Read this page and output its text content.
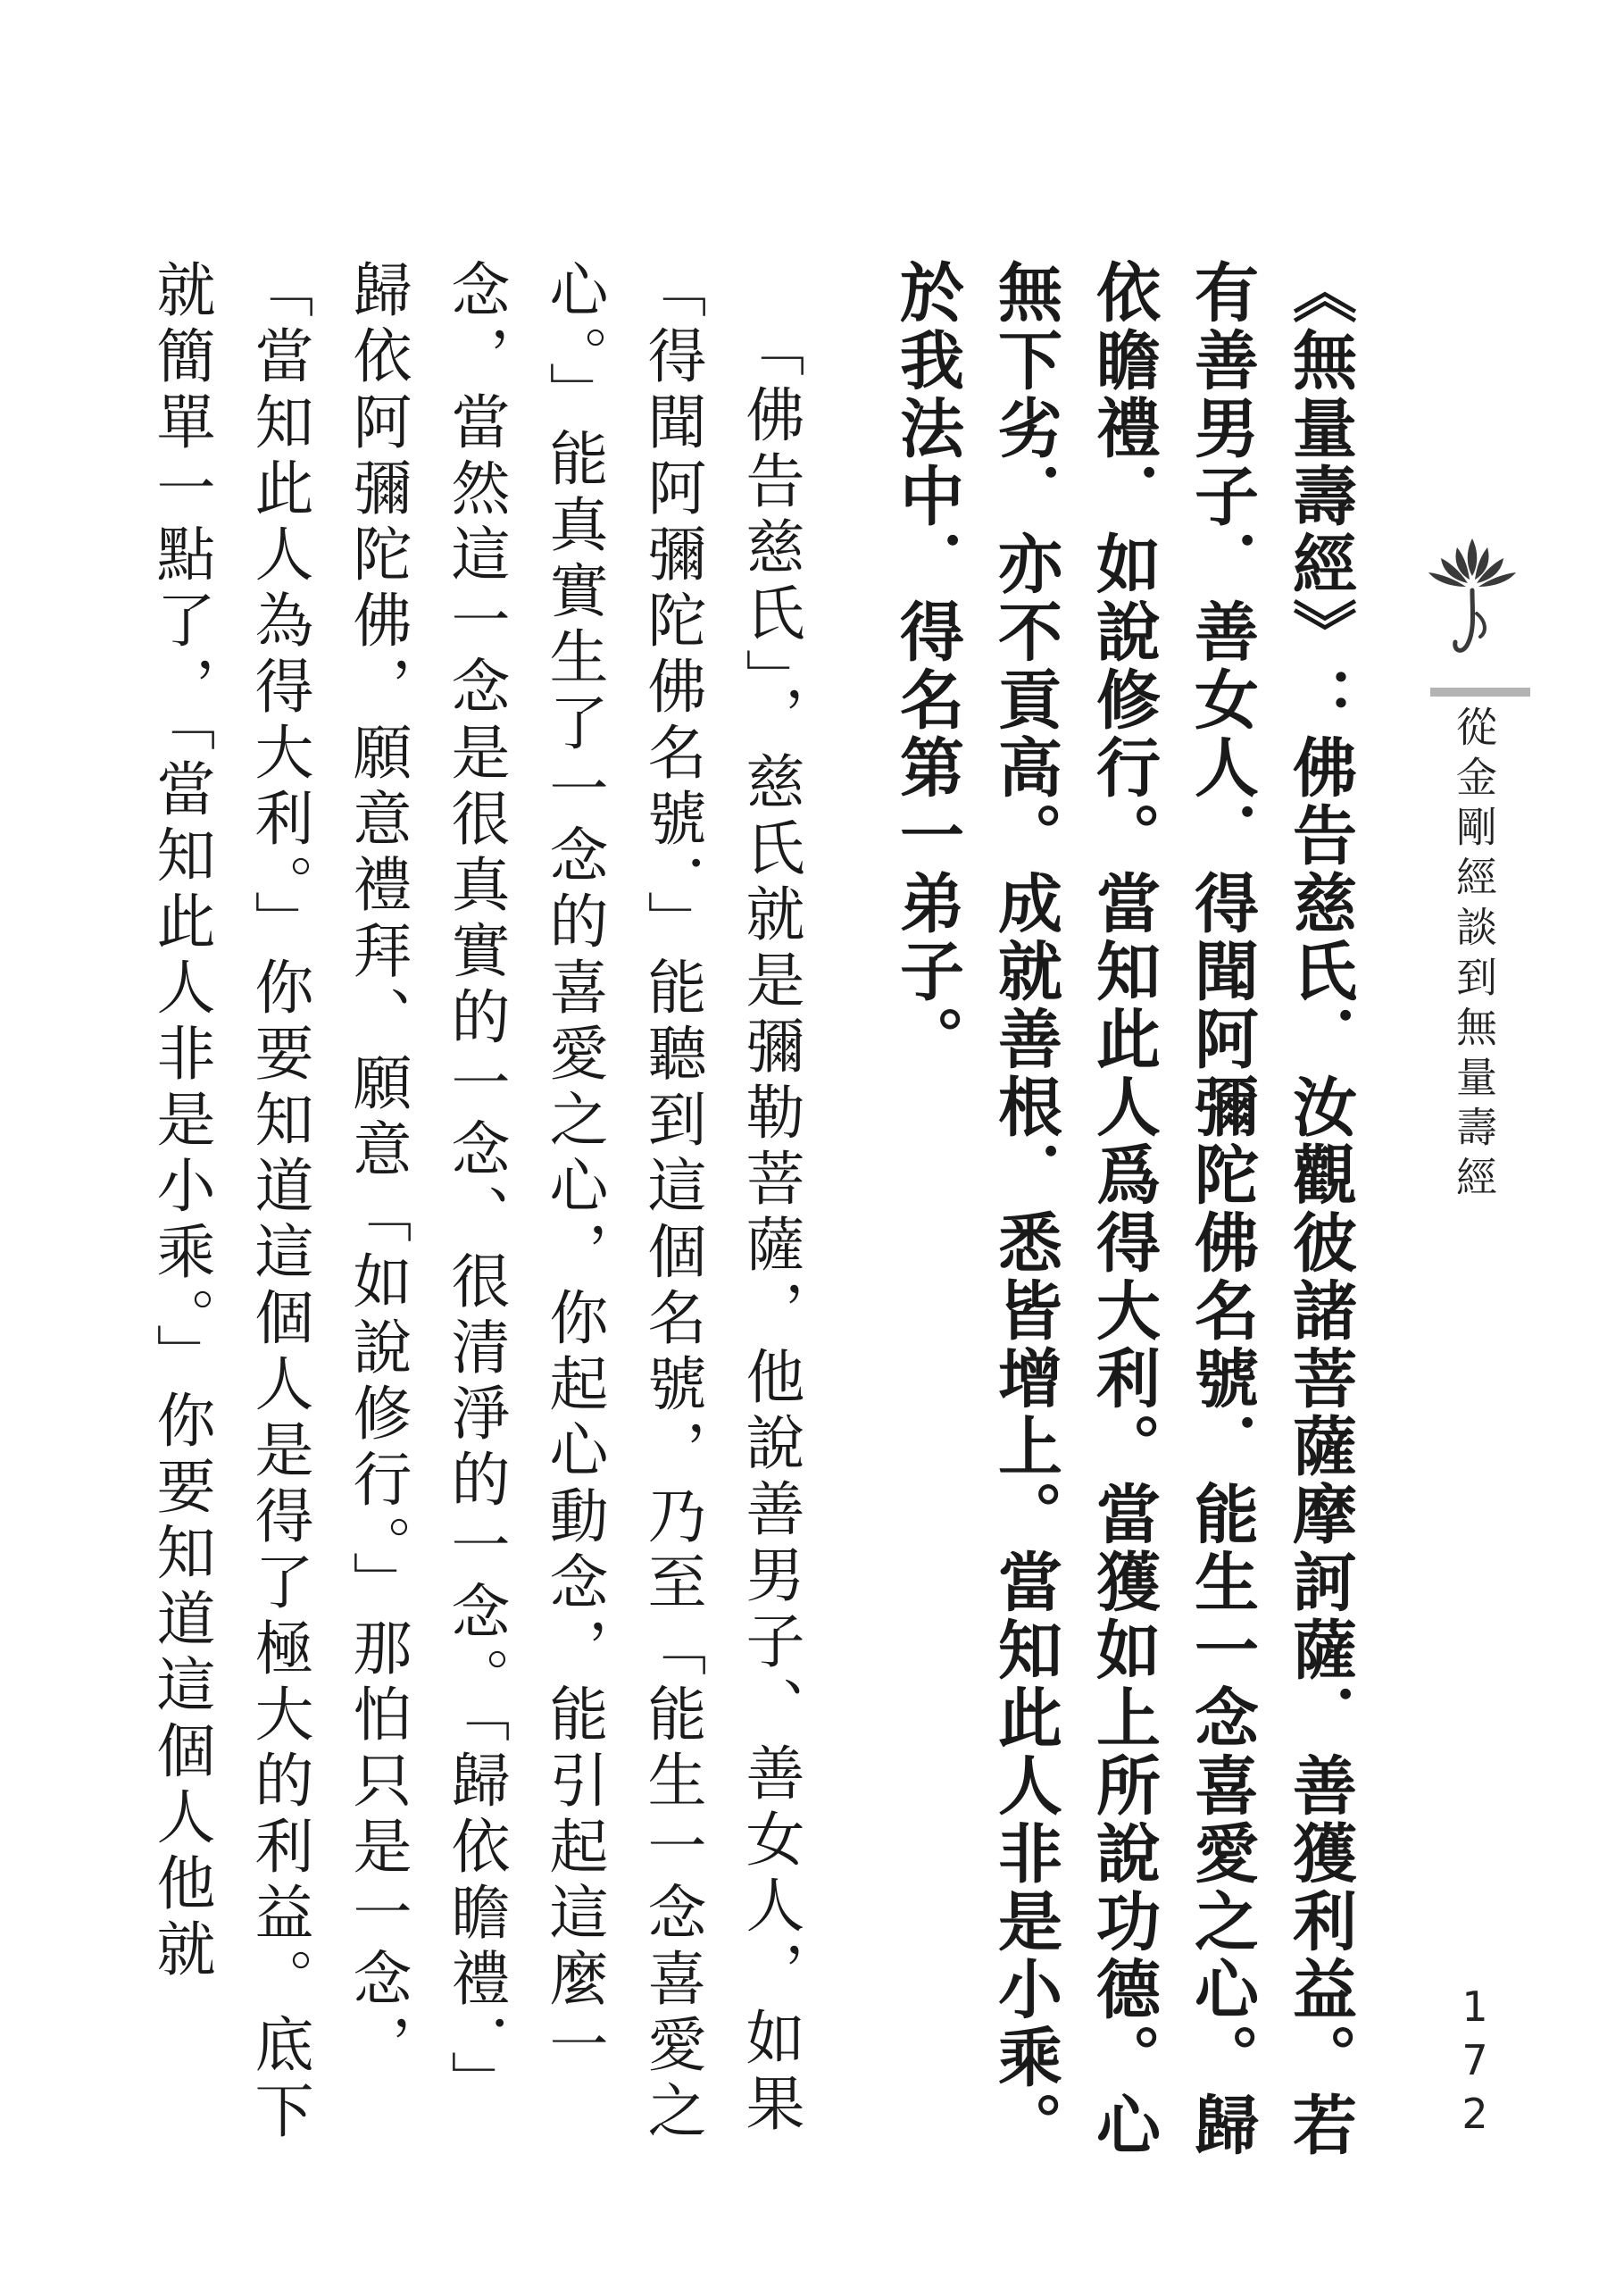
從金剛經談到無量壽經
172

《無量壽經》：佛告慈氏．汝觀彼諸菩薩摩訶薩．善獲利益。若有善男子．善女人．得聞阿彌陀佛名號．能生一念喜愛之心。歸依瞻禮．如說修行。當知此人爲得大利。當獲如上所說功德。心無下劣．亦不貢高。成就善根．悉皆增上。當知此人非是小乘。於我法中．得名第一弟子。

「佛告慈氏」，慈氏就是彌勒菩薩，他說善男子、善女人，如果「得聞阿彌陀佛名號．」能聽到這個名號，乃至「能生一念喜愛之心。」能真實生了一念的喜愛之心，你起心動念，能引起這麼一念，當然這一念是很真實的一念、很清淨的一念。「歸依瞻禮．」歸依阿彌陀佛，願意禮拜、願意「如說修行。」那怕只是一念，「當知此人為得大利。」你要知道這個人是得了極大的利益。底下就簡單一點了，「當知此人非是小乘。」你要知道這個人他就
